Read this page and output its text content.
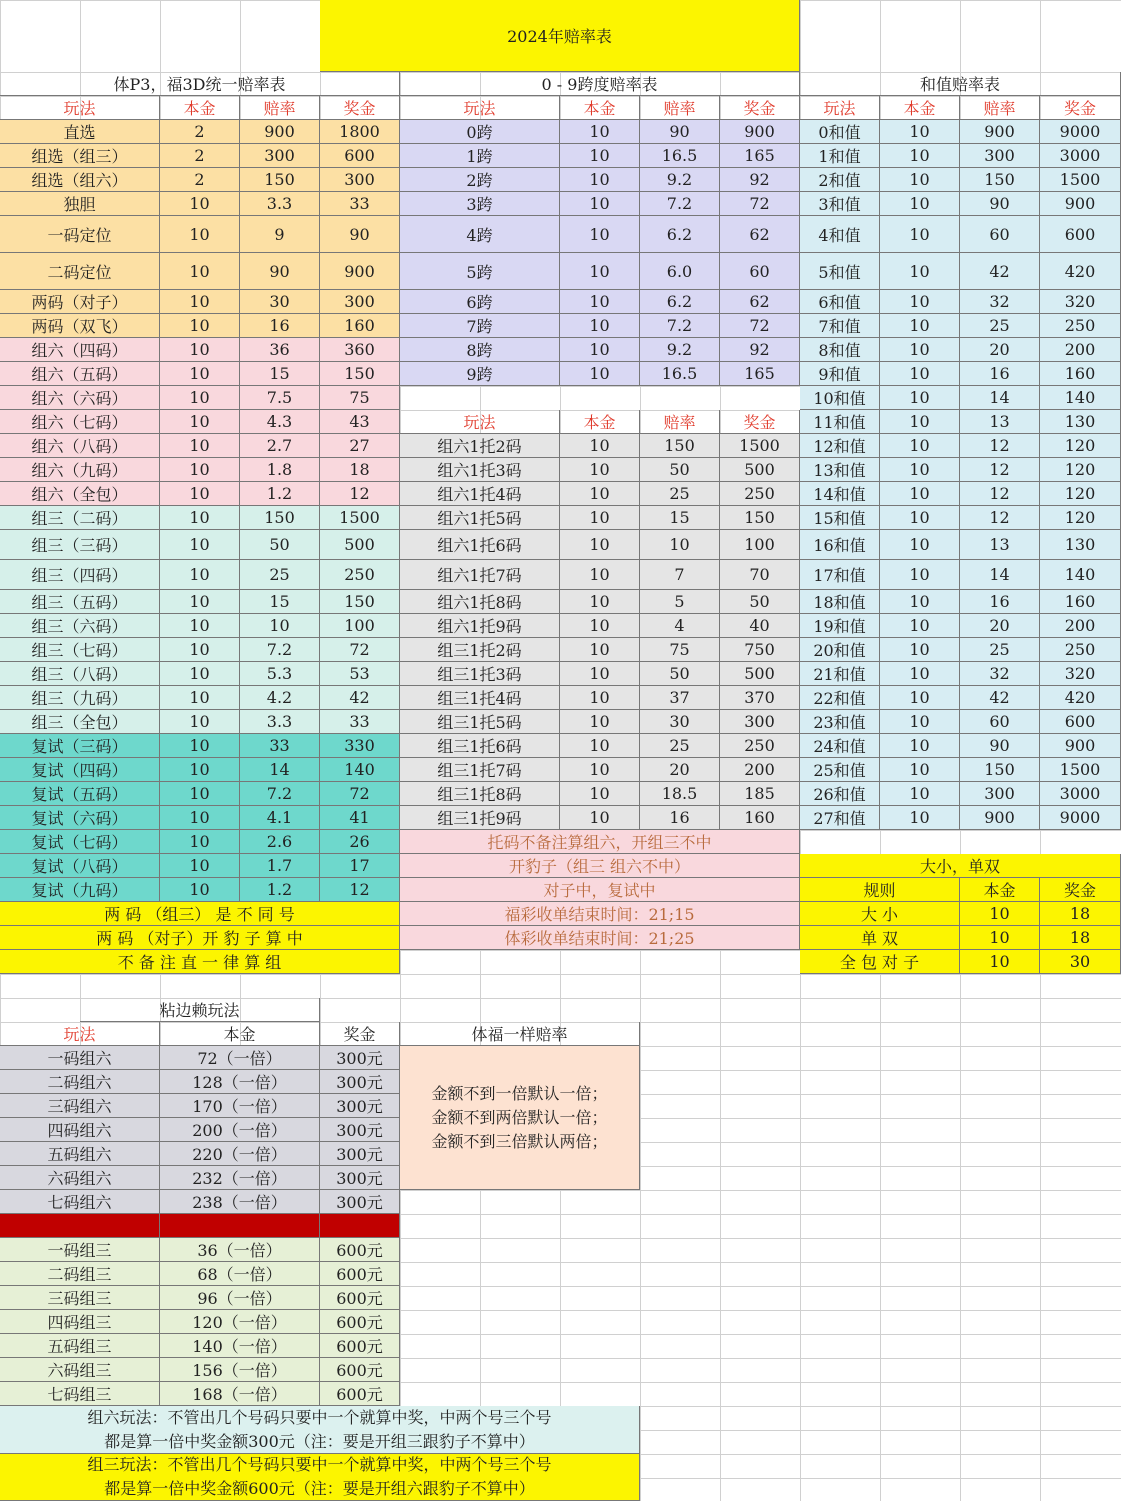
2024年赔率表
体P3，福3D统一赔率表
玩法	本金	赔率	奖金
直选	2	900	1800
组选（组三）	2	300	600
组选（组六）	2	150	300
独胆	10	3.3	33
一码定位	10	9	90
二码定位	10	90	900
两码（对子）	10	30	300
两码（双飞）	10	16	160
组六（四码）	10	36	360
组六（五码）	10	15	150
组六（六码）	10	7.5	75
组六（七码）	10	4.3	43
组六（八码）	10	2.7	27
组六（九码）	10	1.8	18
组六（全包）	10	1.2	12
组三（二码）	10	150	1500
组三（三码）	10	50	500
组三（四码）	10	25	250
组三（五码）	10	15	150
组三（六码）	10	10	100
组三（七码）	10	7.2	72
组三（八码）	10	5.3	53
组三（九码）	10	4.2	42
组三（全包）	10	3.3	33
复试（三码）	10	33	330
复试（四码）	10	14	140
复试（五码）	10	7.2	72
复试（六码）	10	4.1	41
复试（七码）	10	2.6	26
复试（八码）	10	1.7	17
复试（九码）	10	1.2	12
两 码 （组三） 是 不 同 号
两 码 （对子）开 豹 子 算 中
不 备 注 直 一 律 算 组
0 - 9跨度赔率表
玩法	本金	赔率	奖金
0跨	10	90	900
1跨	10	16.5	165
2跨	10	9.2	92
3跨	10	7.2	72
4跨	10	6.2	62
5跨	10	6.0	60
6跨	10	6.2	62
7跨	10	7.2	72
8跨	10	9.2	92
9跨	10	16.5	165
玩法	本金	赔率	奖金
组六1托2码	10	150	1500
组六1托3码	10	50	500
组六1托4码	10	25	250
组六1托5码	10	15	150
组六1托6码	10	10	100
组六1托7码	10	7	70
组六1托8码	10	5	50
组六1托9码	10	4	40
组三1托2码	10	75	750
组三1托3码	10	50	500
组三1托4码	10	37	370
组三1托5码	10	30	300
组三1托6码	10	25	250
组三1托7码	10	20	200
组三1托8码	10	18.5	185
组三1托9码	10	16	160
托码不备注算组六，开组三不中
开豹子（组三 组六不中）
对子中，复试中
福彩收单结束时间：21;15
体彩收单结束时间：21;25
和值赔率表
玩法	本金	赔率	奖金
0和值	10	900	9000
1和值	10	300	3000
2和值	10	150	1500
3和值	10	90	900
4和值	10	60	600
5和值	10	42	420
6和值	10	32	320
7和值	10	25	250
8和值	10	20	200
9和值	10	16	160
10和值	10	14	140
11和值	10	13	130
12和值	10	12	120
13和值	10	12	120
14和值	10	12	120
15和值	10	12	120
16和值	10	13	130
17和值	10	14	140
18和值	10	16	160
19和值	10	20	200
20和值	10	25	250
21和值	10	32	320
22和值	10	42	420
23和值	10	60	600
24和值	10	90	900
25和值	10	150	1500
26和值	10	300	3000
27和值	10	900	9000
大小，单双
规则	本金	奖金
大 小	10	18
单 双	10	18
全 包 对 子	10	30
粘边赖玩法
玩法	本金	奖金
一码组六	72（一倍）	300元
二码组六	128（一倍）	300元
三码组六	170（一倍）	300元
四码组六	200（一倍）	300元
五码组六	220（一倍）	300元
六码组六	232（一倍）	300元
七码组六	238（一倍）	300元
一码组三	36（一倍）	600元
二码组三	68（一倍）	600元
三码组三	96（一倍）	600元
四码组三	120（一倍）	600元
五码组三	140（一倍）	600元
六码组三	156（一倍）	600元
七码组三	168（一倍）	600元
体福一样赔率
金额不到一倍默认一倍；
金额不到两倍默认一倍；
金额不到三倍默认两倍；
组六玩法：不管出几个号码只要中一个就算中奖，中两个号三个号
都是算一倍中奖金额300元（注：要是开组三跟豹子不算中）
组三玩法：不管出几个号码只要中一个就算中奖，中两个号三个号
都是算一倍中奖金额600元（注：要是开组六跟豹子不算中）
